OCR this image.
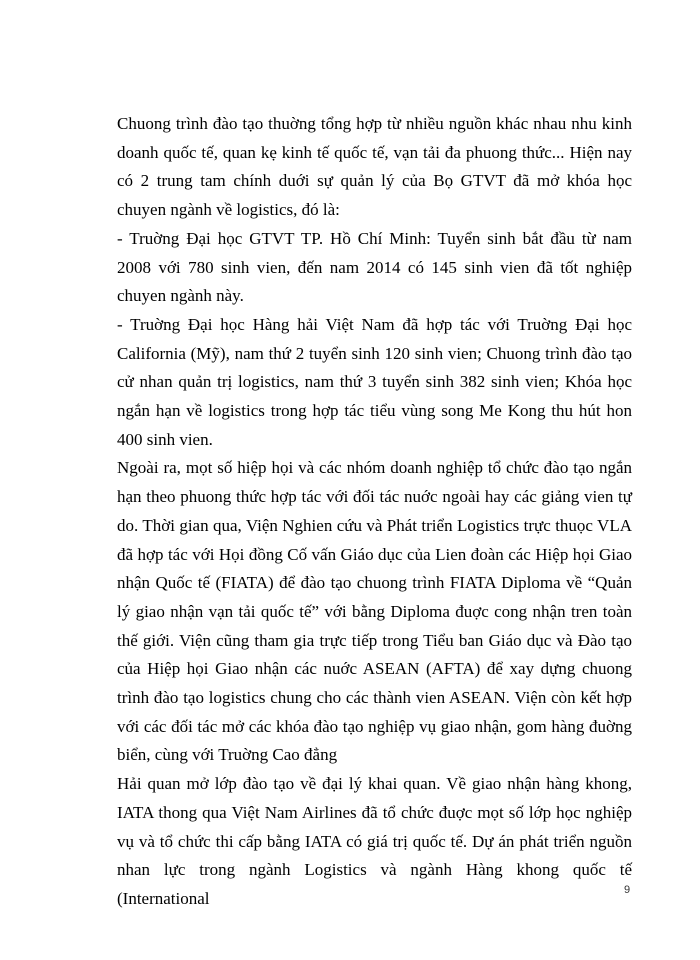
Chuong trình đào tạo thuờng tổng hợp từ nhiều nguồn khác nhau nhu kinh doanh quốc tế, quan kẹ kinh tế quốc tế, vạn tải đa phuong thức... Hiện nay có 2 trung tam chính duới sự quản lý của Bọ GTVT đã mở khóa học chuyen ngành về logistics, đó là:

- Truờng Đại học GTVT TP. Hồ Chí Minh: Tuyển sinh bắt đầu từ nam 2008 với 780 sinh vien, đến nam 2014 có 145 sinh vien đã tốt nghiệp chuyen ngành này.

- Truờng Đại học Hàng hải Việt Nam đã hợp tác với Truờng Đại học California (Mỹ), nam thứ 2 tuyển sinh 120 sinh vien; Chuong trình đào tạo cử nhan quản trị logistics, nam thứ 3 tuyển sinh 382 sinh vien; Khóa học ngắn hạn về logistics trong hợp tác tiểu vùng song Me Kong thu hút hon 400 sinh vien.

Ngoài ra, mọt số hiệp họi và các nhóm doanh nghiệp tổ chức đào tạo ngắn hạn theo phuong thức hợp tác với đối tác nuớc ngoài hay các giảng vien tự do. Thời gian qua, Viện Nghien cứu và Phát triển Logistics trực thuọc VLA đã hợp tác với Họi đồng Cố vấn Giáo dục của Lien đoàn các Hiệp họi Giao nhận Quốc tế (FIATA) để đào tạo chuong trình FIATA Diploma về “Quản lý giao nhận vạn tải quốc tế” với bằng Diploma đuợc cong nhận tren toàn thế giới. Viện cũng tham gia trực tiếp trong Tiểu ban Giáo dục và Đào tạo của Hiệp họi Giao nhận các nuớc ASEAN (AFTA) để xay dựng chuong trình đào tạo logistics chung cho các thành vien ASEAN. Viện còn kết hợp với các đối tác mở các khóa đào tạo nghiệp vụ giao nhận, gom hàng đuờng biển, cùng với Truờng Cao đẳng

Hải quan mở lớp đào tạo về đại lý khai quan. Về giao nhận hàng khong, IATA thong qua Việt Nam Airlines đã tổ chức đuợc mọt số lớp học nghiệp vụ và tổ chức thi cấp bằng IATA có giá trị quốc tế. Dự án phát triển nguồn nhan lực trong ngành Logistics và ngành Hàng khong quốc tế (International	9
